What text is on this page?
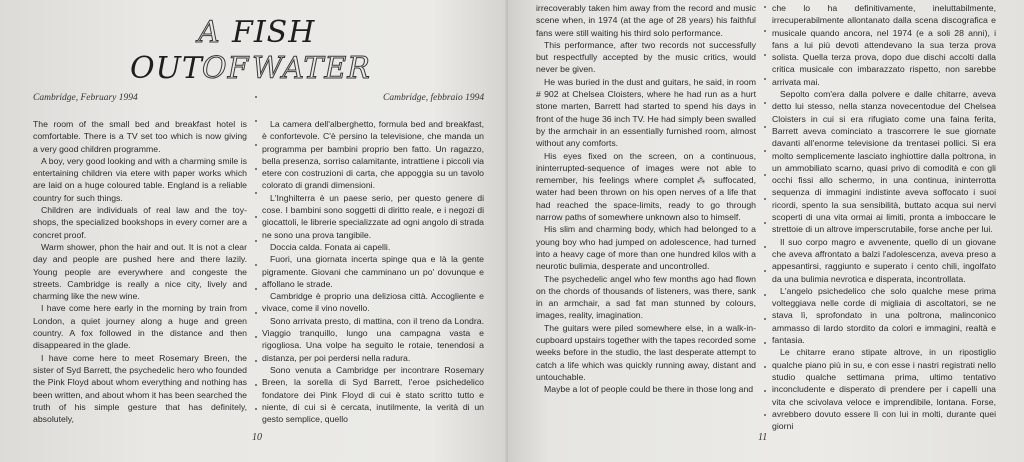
A FISH
OUT OF WATER
Cambridge, February 1994	Cambridge, febbraio 1994

The room of the small bed and breakfast hotel is comfortable. There is a TV set too which is now giving a very good children programme.

A boy, very good looking and with a charming smile is entertaining children via etere with paper works which are laid on a huge coloured table. England is a reliable country for such things.

Children are individuals of real law and the toy-shops, the specialized bookshops in every corner are a concret proof.

Warm shower, phon the hair and out. It is not a clear day and people are pushed here and there lazily. Young people are everywhere and congeste the streets. Cambridge is really a nice city, lively and charming like the new wine.

I have come here early in the morning by train from London, a quiet journey along a huge and green country. A fox followed in the distance and then disappeared in the glade.

I have come here to meet Rosemary Breen, the sister of Syd Barrett, the psychedelic hero who founded the Pink Floyd about whom everything and nothing has been written, and about whom it has been searched the truth of his simple gesture that has definitely, absolutely,

La camera dell'alberghetto, formula bed and breakfast, è confortevole. C'è persino la televisione, che manda un programma per bambini proprio ben fatto. Un ragazzo, bella presenza, sorriso calamitante, intrattiene i piccoli via etere con costruzioni di carta, che appoggia su un tavolo colorato di grandi dimensioni.

L'Inghilterra è un paese serio, per questo genere di cose. I bambini sono soggetti di diritto reale, e i negozi di giocattoli, le librerie specializzate ad ogni angolo di strada ne sono una prova tangibile.

Doccia calda. Fonata ai capelli.

Fuori, una giornata incerta spinge qua e là la gente pigramente. Giovani che camminano un po' dovunque e affollano le strade.

Cambridge è proprio una deliziosa città. Accogliente e vivace, come il vino novello.

Sono arrivata presto, di mattina, con il treno da Londra. Viaggio tranquillo, lungo una campagna vasta e rigogliosa. Una volpe ha seguito le rotaie, tenendosi a distanza, per poi perdersi nella radura.

Sono venuta a Cambridge per incontrare Rosemary Breen, la sorella di Syd Barrett, l'eroe psichedelico fondatore dei Pink Floyd di cui è stato scritto tutto e niente, di cui si è cercata, inutilmente, la verità di un gesto semplice, quello

10

irrecoverably taken him away from the record and music scene when, in 1974 (at the age of 28 years) his faithful fans were still waiting his third solo performance.

This performance, after two records not successfully but respectfully accepted by the music critics, would never be given.

He was buried in the dust and guitars, he said, in room # 902 at Chelsea Cloisters, where he had run as a hurt stone marten, Barrett had started to spend his days in front of the huge 36 inch TV. He had simply been swalled by the armchair in an essentially furnished room, almost without any comforts.

His eyes fixed on the screen, on a continuous, ininterrupted-sequence of images were not able to remember, his feelings where complet⁂ suffocated, water had been thrown on his open nerves of a life that had reached the space-limits, ready to go through narrow paths of somewhere unknown also to himself.

His slim and charming body, which had belonged to a young boy who had jumped on adolescence, had turned into a heavy cage of more than one hundred kilos with a neurotic bulimia, desperate and uncontrolled.

The psychedelic angel who few months ago had flown on the chords of thousands of listeners, was there, sank in an armchair, a sad fat man stunned by colours, images, reality, imagination.

The guitars were piled somewhere else, in a walk-in-cupboard upstairs together with the tapes recorded some weeks before in the studio, the last desperate attempt to catch a life which was quickly running away, distant and untouchable.

Maybe a lot of people could be there in those long and

che lo ha definitivamente, ineluttabilmente, irrecuperabilmente allontanato dalla scena discografica e musicale quando ancora, nel 1974 (e a soli 28 anni), i fans a lui più devoti attendevano la sua terza prova solista. Quella terza prova, dopo due dischi accolti dalla critica musicale con imbarazzato rispetto, non sarebbe arrivata mai.

Sepolto com'era dalla polvere e dalle chitarre, aveva detto lui stesso, nella stanza novecentodue del Chelsea Cloisters in cui si era rifugiato come una faina ferita, Barrett aveva cominciato a trascorrere le sue giornate davanti all'enorme televisione da trentasei pollici. Si era molto semplicemente lasciato inghiottire dalla poltrona, in un ammobiliato scarno, quasi privo di comodità e con gli occhi fissi allo schermo, in una continua, ininterrotta sequenza di immagini indistinte aveva soffocato i suoi ricordi, spento la sua sensibilità, buttato acqua sui nervi scoperti di una vita ormai ai limiti, pronta a imboccare le strettoie di un altrove imperscrutabile, forse anche per lui.

Il suo corpo magro e avvenente, quello di un giovane che aveva affrontato a balzi l'adolescenza, aveva preso a appesantirsi, raggiunto e superato i cento chili, ingolfato da una bulimia nevrotica e disperata, incontrollata.

L'angelo psichedelico che solo qualche mese prima volteggiava nelle corde di migliaia di ascoltatori, se ne stava lì, sprofondato in una poltrona, malinconico ammasso di lardo stordito da colori e immagini, realtà e fantasia.

Le chitarre erano stipate altrove, in un ripostiglio qualche piano più in su, e con esse i nastri registrati nello studio qualche settimana prima, ultimo tentativo inconcludente e disperato di prendere per i capelli una vita che scivolava veloce e imprendibile, lontana. Forse, avrebbero dovuto essere lì con lui in molti, durante quei giorni

11
